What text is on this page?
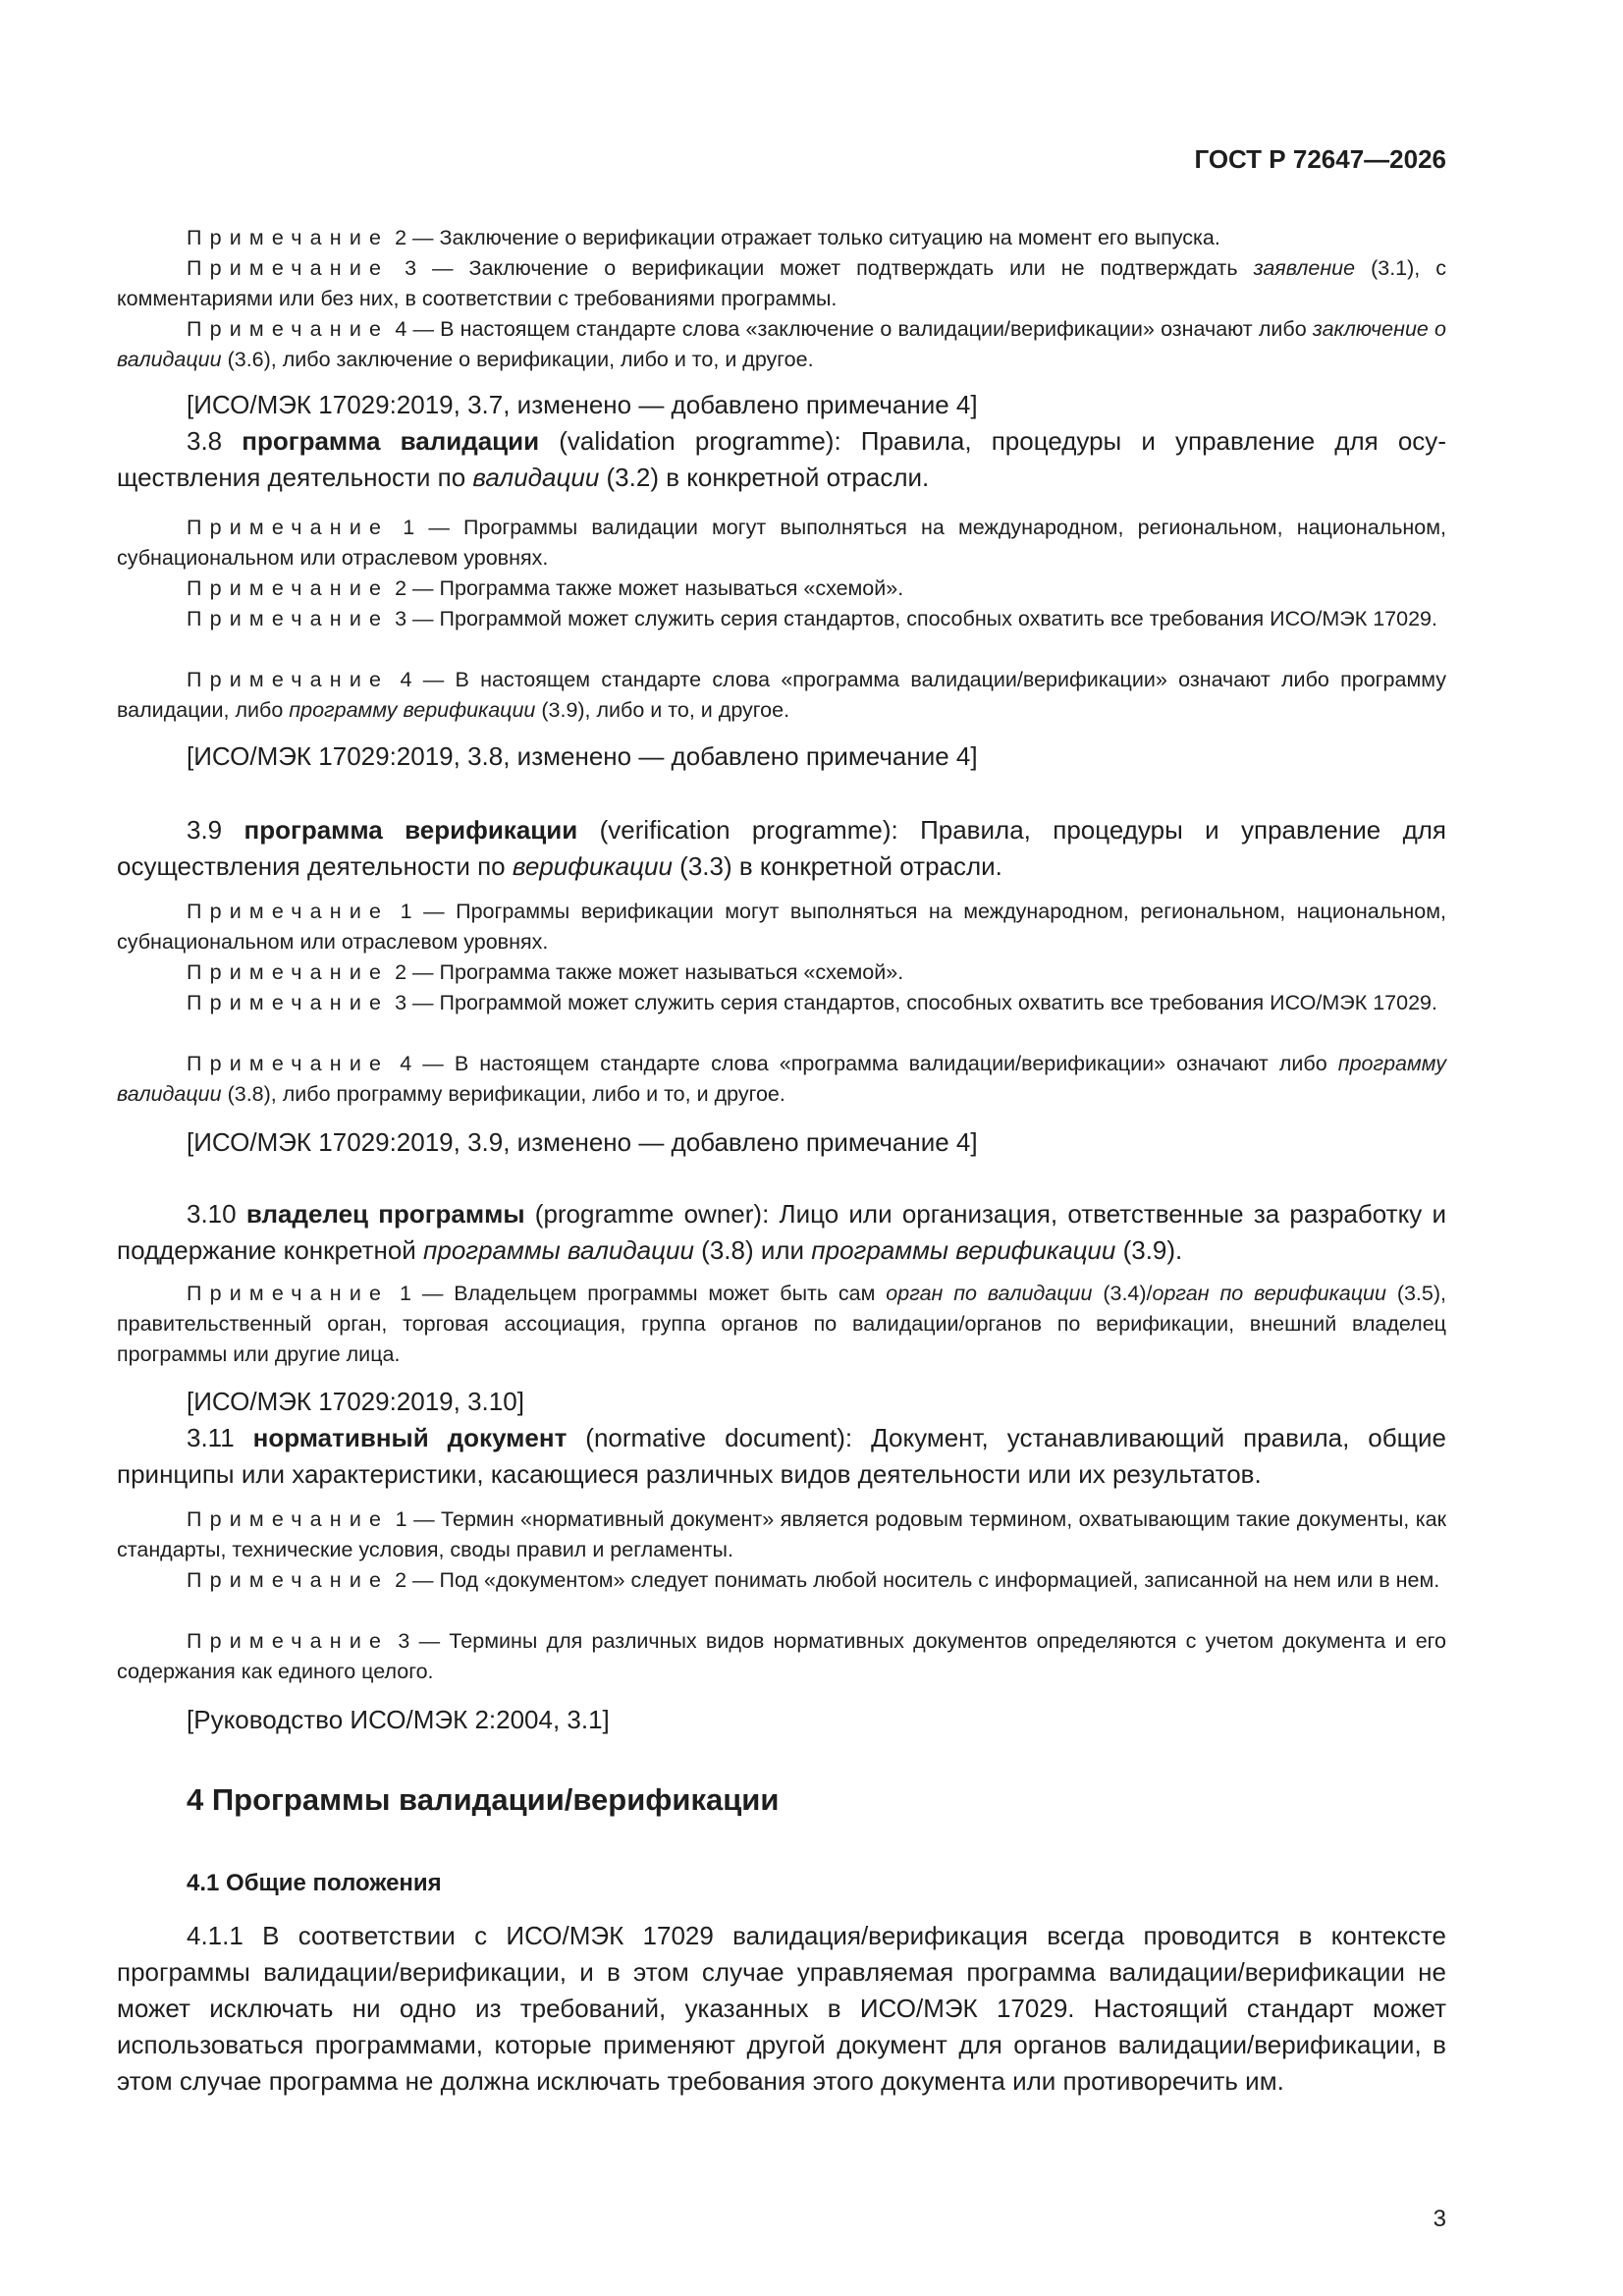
ГОСТ Р 72647—2026

Примечание 2 — Заключение о верификации отражает только ситуацию на момент его выпуска.

Примечание 3 — Заключение о верификации может подтверждать или не подтверждать заявление (3.1), с комментариями или без них, в соответствии с требованиями программы.

Примечание 4 — В настоящем стандарте слова «заключение о валидации/верификации» означают либо заключение о валидации (3.6), либо заключение о верификации, либо и то, и другое.

[ИСО/МЭК 17029:2019, 3.7, изменено — добавлено примечание 4]

3.8 программа валидации (validation programme): Правила, процедуры и управление для осуществления деятельности по валидации (3.2) в конкретной отрасли.

Примечание 1 — Программы валидации могут выполняться на международном, региональном, национальном, субнациональном или отраслевом уровнях.

Примечание 2 — Программа также может называться «схемой».

Примечание 3 — Программой может служить серия стандартов, способных охватить все требования ИСО/МЭК 17029.

Примечание 4 — В настоящем стандарте слова «программа валидации/верификации» означают либо программу валидации, либо программу верификации (3.9), либо и то, и другое.

[ИСО/МЭК 17029:2019, 3.8, изменено — добавлено примечание 4]

3.9 программа верификации (verification programme): Правила, процедуры и управление для осуществления деятельности по верификации (3.3) в конкретной отрасли.

Примечание 1 — Программы верификации могут выполняться на международном, региональном, национальном, субнациональном или отраслевом уровнях.

Примечание 2 — Программа также может называться «схемой».

Примечание 3 — Программой может служить серия стандартов, способных охватить все требования ИСО/МЭК 17029.

Примечание 4 — В настоящем стандарте слова «программа валидации/верификации» означают либо программу валидации (3.8), либо программу верификации, либо и то, и другое.

[ИСО/МЭК 17029:2019, 3.9, изменено — добавлено примечание 4]

3.10 владелец программы (programme owner): Лицо или организация, ответственные за разработку и поддержание конкретной программы валидации (3.8) или программы верификации (3.9).

Примечание 1 — Владельцем программы может быть сам орган по валидации (3.4)/орган по верификации (3.5), правительственный орган, торговая ассоциация, группа органов по валидации/органов по верификации, внешний владелец программы или другие лица.

[ИСО/МЭК 17029:2019, 3.10]

3.11 нормативный документ (normative document): Документ, устанавливающий правила, общие принципы или характеристики, касающиеся различных видов деятельности или их результатов.

Примечание 1 — Термин «нормативный документ» является родовым термином, охватывающим такие документы, как стандарты, технические условия, своды правил и регламенты.

Примечание 2 — Под «документом» следует понимать любой носитель с информацией, записанной на нем или в нем.

Примечание 3 — Термины для различных видов нормативных документов определяются с учетом документа и его содержания как единого целого.

[Руководство ИСО/МЭК 2:2004, 3.1]

4 Программы валидации/верификации

4.1 Общие положения

4.1.1 В соответствии с ИСО/МЭК 17029 валидация/верификация всегда проводится в контексте программы валидации/верификации, и в этом случае управляемая программа валидации/верификации не может исключать ни одно из требований, указанных в ИСО/МЭК 17029. Настоящий стандарт может использоваться программами, которые применяют другой документ для органов валидации/верификации, в этом случае программа не должна исключать требования этого документа или противоречить им.

3
